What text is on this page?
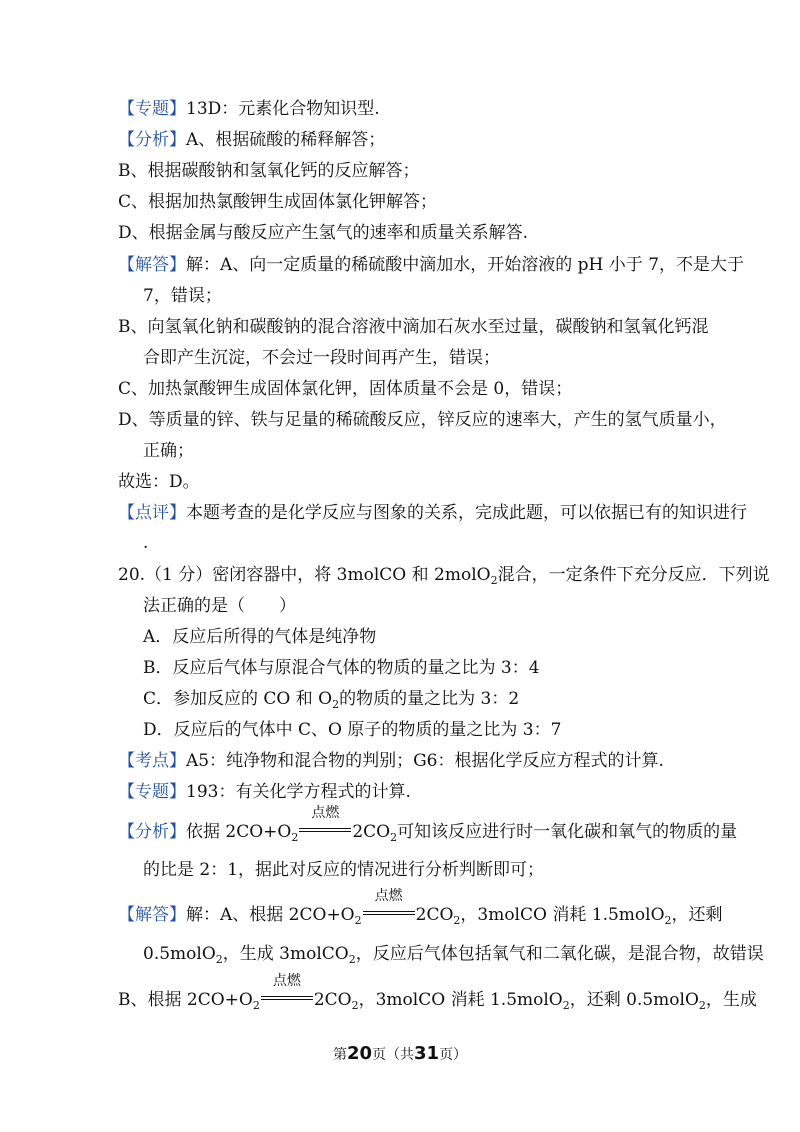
【专题】13D：元素化合物知识型.
【分析】A、根据硫酸的稀释解答；
B、根据碳酸钠和氢氧化钙的反应解答；
C、根据加热氯酸钾生成固体氯化钾解答；
D、根据金属与酸反应产生氢气的速率和质量关系解答.
【解答】解：A、向一定质量的稀硫酸中滴加水，开始溶液的 pH 小于 7，不是大于
7，错误；
B、向氢氧化钠和碳酸钠的混合溶液中滴加石灰水至过量，碳酸钠和氢氧化钙混
合即产生沉淀，不会过一段时间再产生，错误；
C、加热氯酸钾生成固体氯化钾，固体质量不会是 0，错误；
D、等质量的锌、铁与足量的稀硫酸反应，锌反应的速率大，产生的氢气质量小，
正确；
故选：D。
【点评】本题考查的是化学反应与图象的关系，完成此题，可以依据已有的知识进行
.
20.（1 分）密闭容器中，将 3molCO 和 2molO$_2$混合，一定条件下充分反应．下列说
法正确的是（　　）
A．反应后所得的气体是纯净物
B．反应后气体与原混合气体的物质的量之比为 3：4
C．参加反应的 CO 和 $O_2$的物质的量之比为 3：2
D．反应后的气体中 C、O 原子的物质的量之比为 3：7
【考点】A5：纯净物和混合物的判别；G6：根据化学反应方程式的计算.
【专题】193：有关化学方程式的计算.
【分析】依据 $2CO+O_2$
点燃
$2CO_2$可知该反应进行时一氧化碳和氧气的物质的量
的比是 2：1，据此对反应的情况进行分析判断即可；
【解答】解：A、根据 $2CO+O_2$
点燃
$2CO_2$，3molCO 消耗 1.5molO$_2$，还剩
0.5molO$_2$，生成 3molCO$_2$，反应后气体包括氧气和二氧化碳，是混合物，故错误
B、根据 $2CO+O_2$
点燃
$2CO_2$，3molCO 消耗 1.5molO$_2$，还剩 0.5molO$_2$，生成
第20页（共31页）
